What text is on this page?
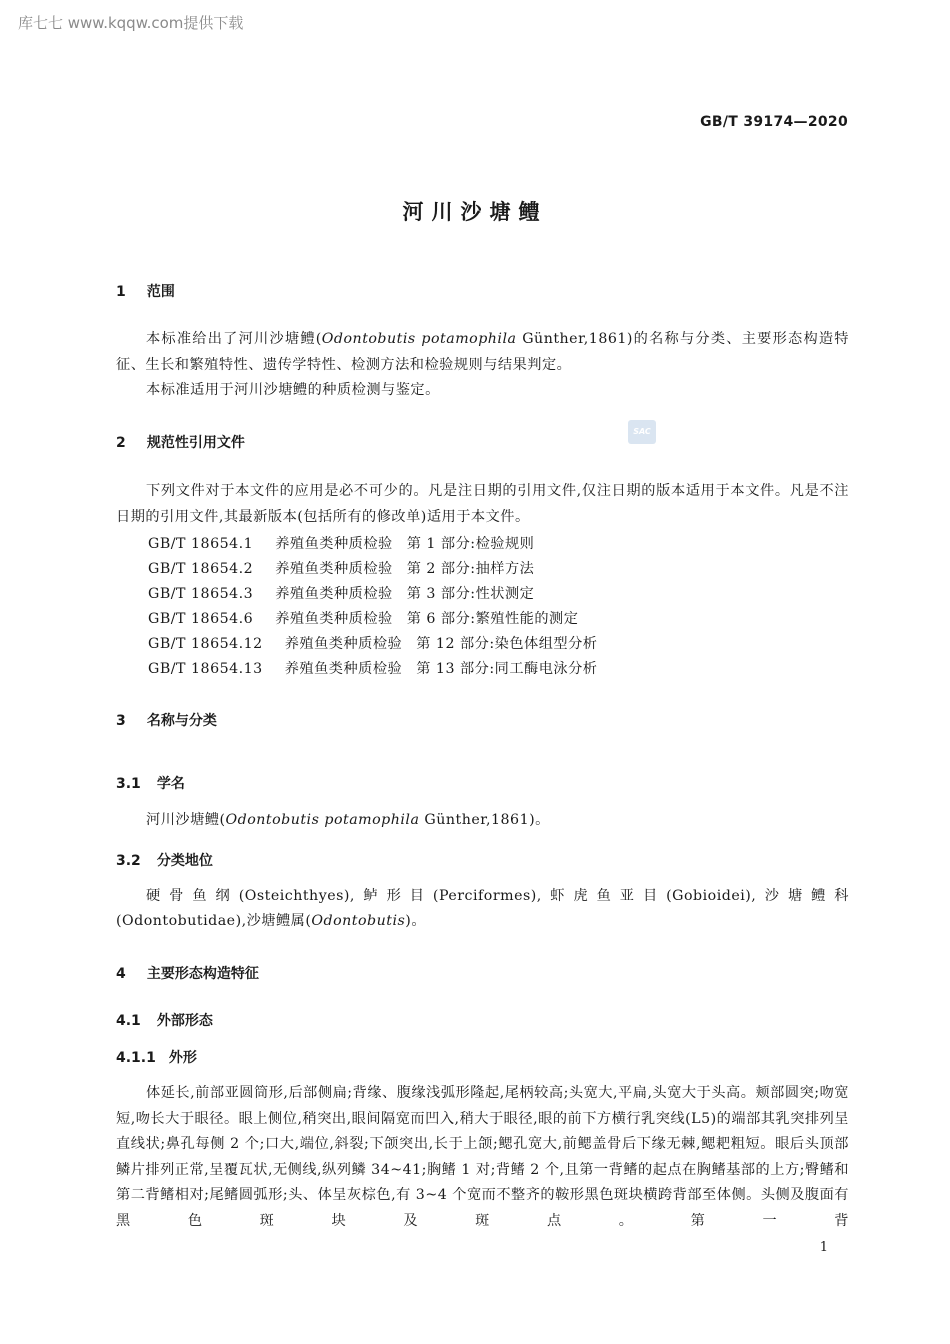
库七七 www.kqqw.com提供下载
GB/T 39174—2020
河川沙塘鳢
SAC
1 范围
本标准给出了河川沙塘鳢(Odontobutis potamophila Günther,1861)的名称与分类、主要形态构造特征、生长和繁殖特性、遗传学特性、检测方法和检验规则与结果判定。
本标准适用于河川沙塘鳢的种质检测与鉴定。
2 规范性引用文件
下列文件对于本文件的应用是必不可少的。凡是注日期的引用文件,仅注日期的版本适用于本文件。凡是不注日期的引用文件,其最新版本(包括所有的修改单)适用于本文件。
GB/T 18654.1 养殖鱼类种质检验 第 1 部分:检验规则
GB/T 18654.2 养殖鱼类种质检验 第 2 部分:抽样方法
GB/T 18654.3 养殖鱼类种质检验 第 3 部分:性状测定
GB/T 18654.6 养殖鱼类种质检验 第 6 部分:繁殖性能的测定
GB/T 18654.12 养殖鱼类种质检验 第 12 部分:染色体组型分析
GB/T 18654.13 养殖鱼类种质检验 第 13 部分:同工酶电泳分析
3 名称与分类
3.1 学名
河川沙塘鳢(Odontobutis potamophila Günther,1861)。
3.2 分类地位
硬骨鱼纲(Osteichthyes),鲈形目(Perciformes),虾虎鱼亚目(Gobioidei),沙塘鳢科
(Odontobutidae),沙塘鳢属(Odontobutis)。
4 主要形态构造特征
4.1 外部形态
4.1.1 外形
体延长,前部亚圆筒形,后部侧扁;背缘、腹缘浅弧形隆起,尾柄较高;头宽大,平扁,头宽大于头高。颊部圆突;吻宽短,吻长大于眼径。眼上侧位,稍突出,眼间隔宽而凹入,稍大于眼径,眼的前下方横行乳突线(L5)的端部其乳突排列呈直线状;鼻孔每侧 2 个;口大,端位,斜裂;下颌突出,长于上颌;鳃孔宽大,前鳃盖骨后下缘无棘,鳃耙粗短。眼后头顶部鳞片排列正常,呈覆瓦状,无侧线,纵列鳞 34~41;胸鳍 1 对;背鳍 2 个,且第一背鳍的起点在胸鳍基部的上方;臀鳍和第二背鳍相对;尾鳍圆弧形;头、体呈灰棕色,有 3~4 个宽而不整齐的鞍形黑色斑块横跨背部至体侧。头侧及腹面有黑色斑块及斑点。第一背
1
